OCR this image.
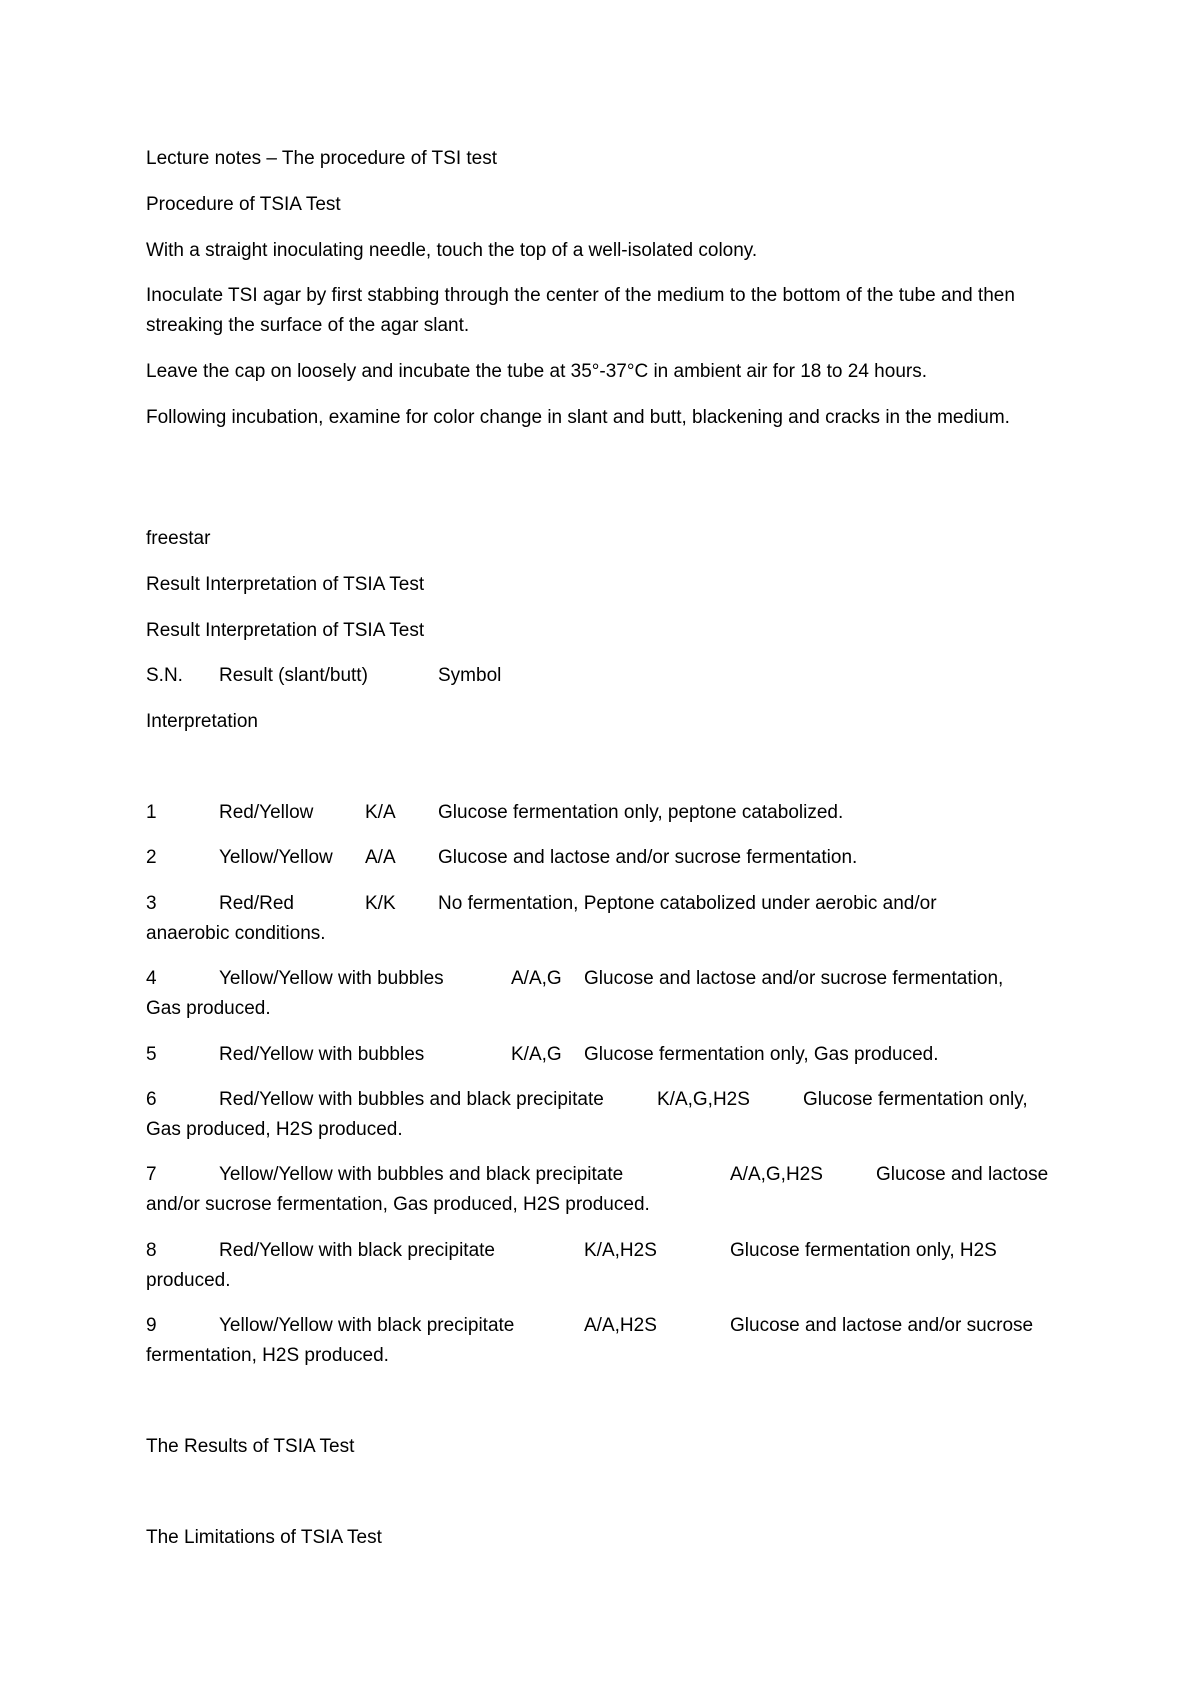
Lecture notes – The procedure of TSI test
Procedure of TSIA Test
With a straight inoculating needle, touch the top of a well-isolated colony.

Inoculate TSI agar by first stabbing through the center of the medium to the bottom of the tube and then streaking the surface of the agar slant.

Leave the cap on loosely and incubate the tube at 35°-37°C in ambient air for 18 to 24 hours.

Following incubation, examine for color change in slant and butt, blackening and cracks in the medium.

freestar
Result Interpretation of TSIA Test
Result Interpretation of TSIA Test
S.N. Result (slant/butt)	Symbol
Interpretation
1	Red/Yellow	K/A Glucose fermentation only, peptone catabolized.
2	Yellow/Yellow A/A Glucose and lactose and/or sucrose fermentation.
3	Red/Red	K/K No fermentation, Peptone catabolized under aerobic and/or
anaerobic conditions.
4	Yellow/Yellow with bubbles	A/A,G Glucose and lactose and/or sucrose fermentation,
Gas produced.
5	Red/Yellow with bubbles	K/A,G Glucose fermentation only, Gas produced.
6	Red/Yellow with bubbles and black precipitate	K/A,G,H2S	Glucose fermentation only,
Gas produced, H2S produced.
7	Yellow/Yellow with bubbles and black precipitate	A/A,G,H2S	Glucose and lactose
and/or sucrose fermentation, Gas produced, H2S produced.
8	Red/Yellow with black precipitate	K/A,H2S	Glucose fermentation only, H2S
produced.
9	Yellow/Yellow with black precipitate	A/A,H2S	Glucose and lactose and/or sucrose
fermentation, H2S produced.
The Results of TSIA Test
The Limitations of TSIA Test
